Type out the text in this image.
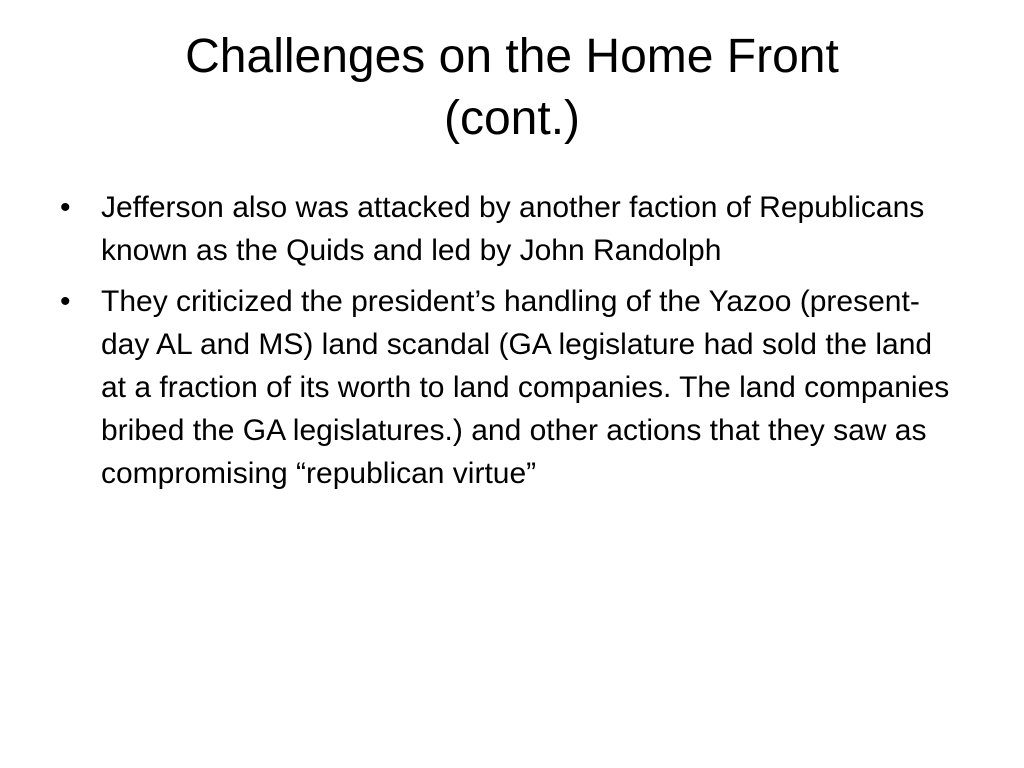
Challenges on the Home Front
(cont.)
•	Jefferson also was attacked by another faction of Republicans known as the Quids and led by John Randolph
•	They criticized the president’s handling of the Yazoo (present-day AL and MS) land scandal (GA legislature had sold the land at a fraction of its worth to land companies. The land companies bribed the GA legislatures.) and other actions that they saw as compromising “republican virtue”
